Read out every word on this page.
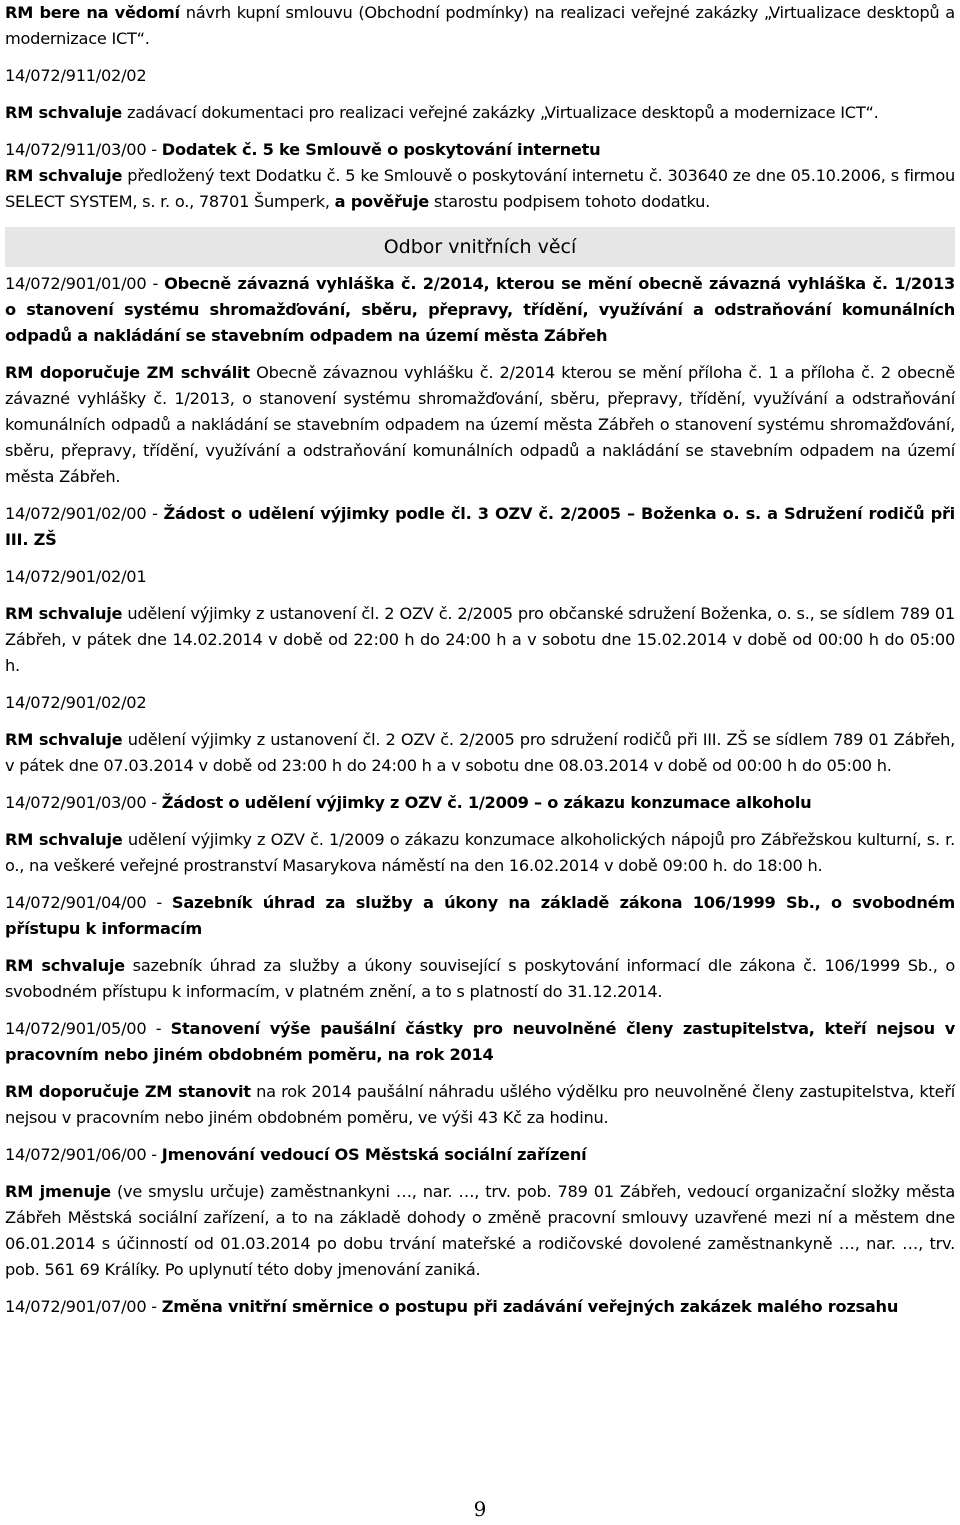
RM bere na vědomí návrh kupní smlouvu (Obchodní podmínky) na realizaci veřejné zakázky „Virtualizace desktopů a modernizace ICT“.

14/072/911/02/02

RM schvaluje zadávací dokumentaci pro realizaci veřejné zakázky „Virtualizace desktopů a modernizace ICT“.

14/072/911/03/00 - Dodatek č. 5 ke Smlouvě o poskytování internetu

RM schvaluje předložený text Dodatku č. 5 ke Smlouvě o poskytování internetu č. 303640 ze dne 05.10.2006, s firmou SELECT SYSTEM, s. r. o., 78701 Šumperk, a pověřuje starostu podpisem tohoto dodatku.

Odbor vnitřních věcí

14/072/901/01/00 - Obecně závazná vyhláška č. 2/2014, kterou se mění obecně závazná vyhláška č. 1/2013 o stanovení systému shromažďování, sběru, přepravy, třídění, využívání a odstraňování komunálních odpadů a nakládání se stavebním odpadem na území města Zábřeh

RM doporučuje ZM schválit Obecně závaznou vyhlášku č. 2/2014 kterou se mění příloha č. 1 a příloha č. 2 obecně závazné vyhlášky č. 1/2013, o stanovení systému shromažďování, sběru, přepravy, třídění, využívání a odstraňování komunálních odpadů a nakládání se stavebním odpadem na území města Zábřeh o stanovení systému shromažďování, sběru, přepravy, třídění, využívání a odstraňování komunálních odpadů a nakládání se stavebním odpadem na území města Zábřeh.

14/072/901/02/00 - Žádost o udělení výjimky podle čl. 3 OZV č. 2/2005 – Boženka o. s. a Sdružení rodičů při III. ZŠ

14/072/901/02/01

RM schvaluje udělení výjimky z ustanovení čl. 2 OZV č. 2/2005 pro občanské sdružení Boženka, o. s., se sídlem 789 01 Zábřeh, v pátek dne 14.02.2014 v době od 22:00 h do 24:00 h a v sobotu dne 15.02.2014 v době od 00:00 h do 05:00 h.

14/072/901/02/02

RM schvaluje udělení výjimky z ustanovení čl. 2 OZV č. 2/2005 pro sdružení rodičů při III. ZŠ se sídlem 789 01 Zábřeh, v pátek dne 07.03.2014 v době od 23:00 h do 24:00 h a v sobotu dne 08.03.2014 v době od 00:00 h do 05:00 h.

14/072/901/03/00 - Žádost o udělení výjimky z OZV č. 1/2009 – o zákazu konzumace alkoholu

RM schvaluje udělení výjimky z OZV č. 1/2009 o zákazu konzumace alkoholických nápojů pro Zábřežskou kulturní, s. r. o., na veškeré veřejné prostranství Masarykova náměstí na den 16.02.2014 v době 09:00 h. do 18:00 h.

14/072/901/04/00 - Sazebník úhrad za služby a úkony na základě zákona 106/1999 Sb., o svobodném přístupu k informacím

RM schvaluje sazebník úhrad za služby a úkony související s poskytování informací dle zákona č. 106/1999 Sb., o svobodném přístupu k informacím, v platném znění, a to s platností do 31.12.2014.

14/072/901/05/00 - Stanovení výše paušální částky pro neuvolněné členy zastupitelstva, kteří nejsou v pracovním nebo jiném obdobném poměru, na rok 2014

RM doporučuje ZM stanovit na rok 2014 paušální náhradu ušlého výdělku pro neuvolněné členy zastupitelstva, kteří nejsou v pracovním nebo jiném obdobném poměru, ve výši 43 Kč za hodinu.

14/072/901/06/00 - Jmenování vedoucí OS Městská sociální zařízení

RM jmenuje (ve smyslu určuje) zaměstnankyni …, nar. …, trv. pob. 789 01 Zábřeh, vedoucí organizační složky města Zábřeh Městská sociální zařízení, a to na základě dohody o změně pracovní smlouvy uzavřené mezi ní a městem dne 06.01.2014 s účinností od 01.03.2014 po dobu trvání mateřské a rodičovské dovolené zaměstnankyně …, nar. …, trv. pob. 561 69 Králíky. Po uplynutí této doby jmenování zaniká.

14/072/901/07/00 - Změna vnitřní směrnice o postupu při zadávání veřejných zakázek malého rozsahu

9
